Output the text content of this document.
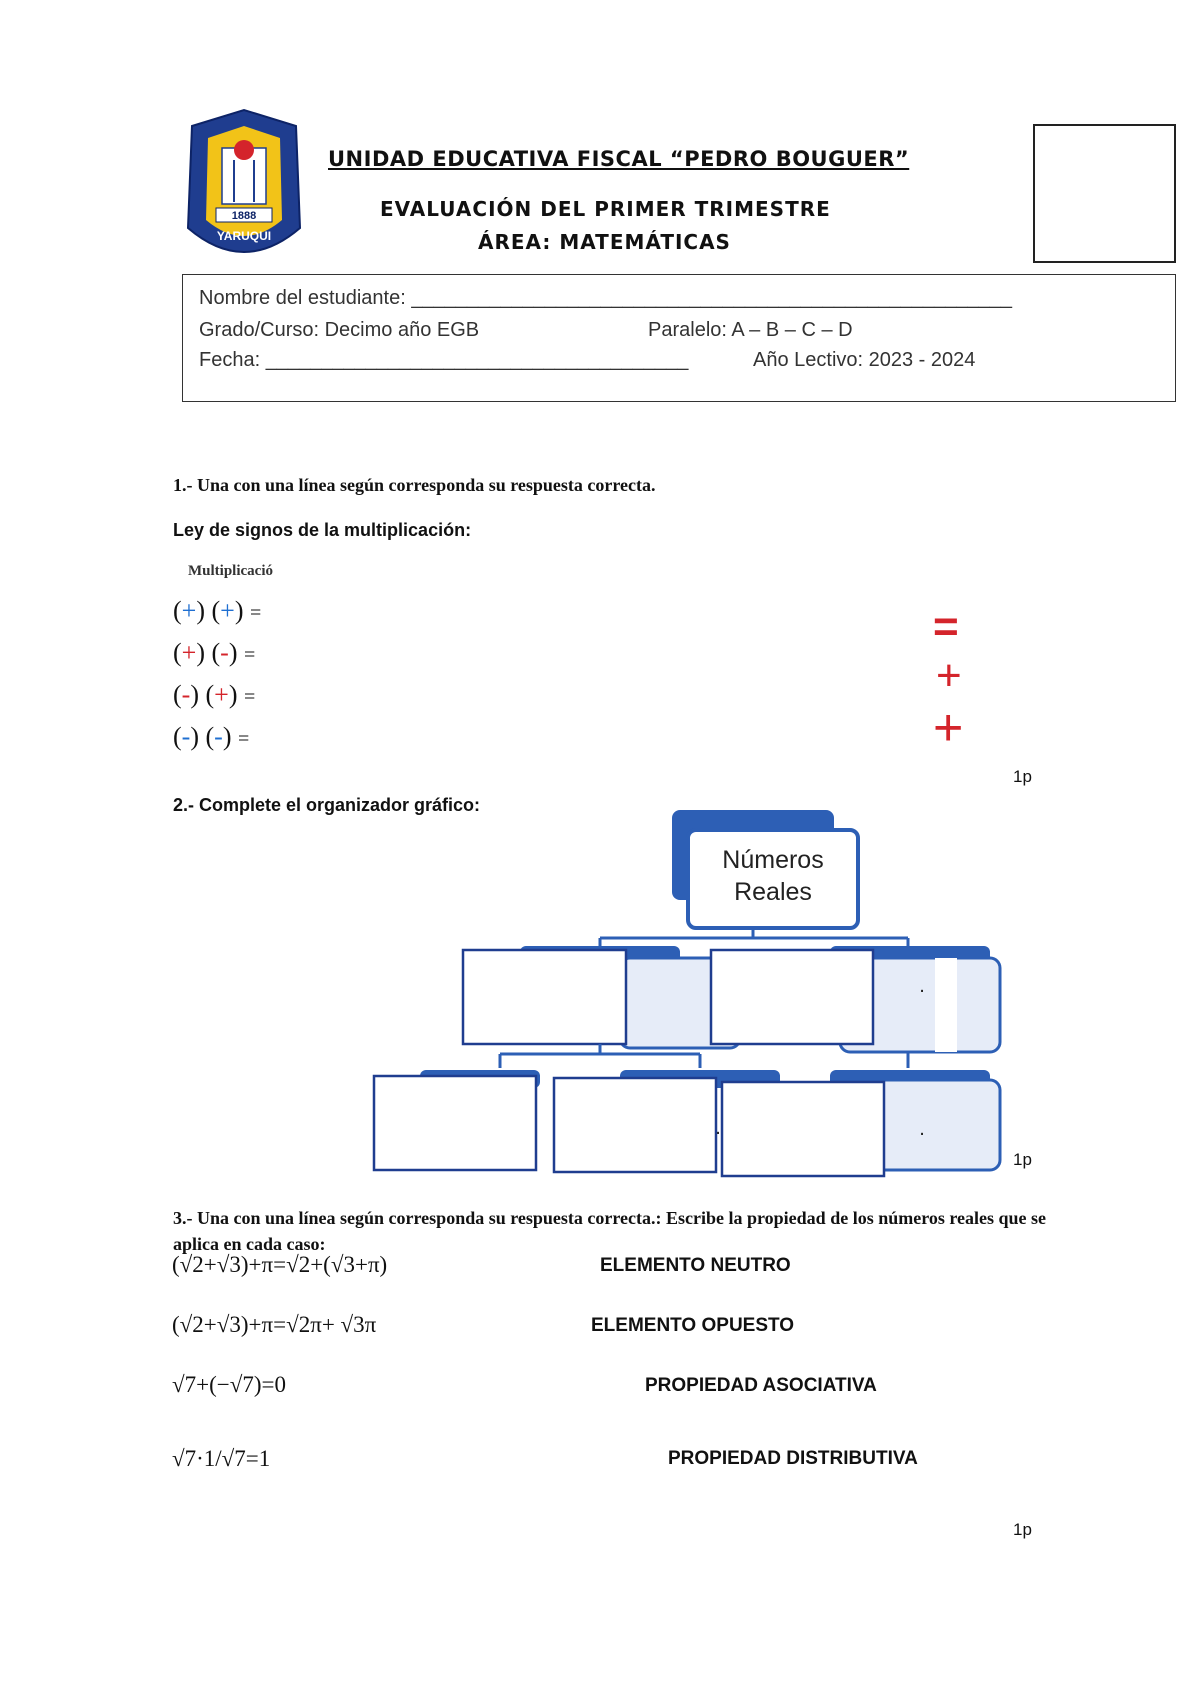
1888
YARUQUI
UNIDAD EDUCATIVA FISCAL “PEDRO BOUGUER”
EVALUACIÓN DEL PRIMER TRIMESTRE
ÁREA: MATEMÁTICAS
Nombre del estudiante: ______________________________________________________
Grado/Curso: Decimo año EGB	Paralelo: A – B – C – D
Fecha: ______________________________________	Año Lectivo: 2023 - 2024
1.- Una con una línea según corresponda su respuesta correcta.
Ley de signos de la multiplicación:
Multiplicació
(+) (+) =
(+) (-) =
(-) (+) =
(-) (-) =
=
+
+
1p
2.- Complete el organizador gráfico:
Números
Reales
.
.
.
1p
3.- Una con una línea según corresponda su respuesta correcta.: Escribe la propiedad de los números reales que se aplica en cada caso:
(√2+√3)+π=√2+(√3+π)
(√2+√3)+π=√2π+ √3π
√7+(−√7)=0
√7·1/√7=1
ELEMENTO NEUTRO
ELEMENTO OPUESTO
PROPIEDAD ASOCIATIVA
PROPIEDAD DISTRIBUTIVA
1p
